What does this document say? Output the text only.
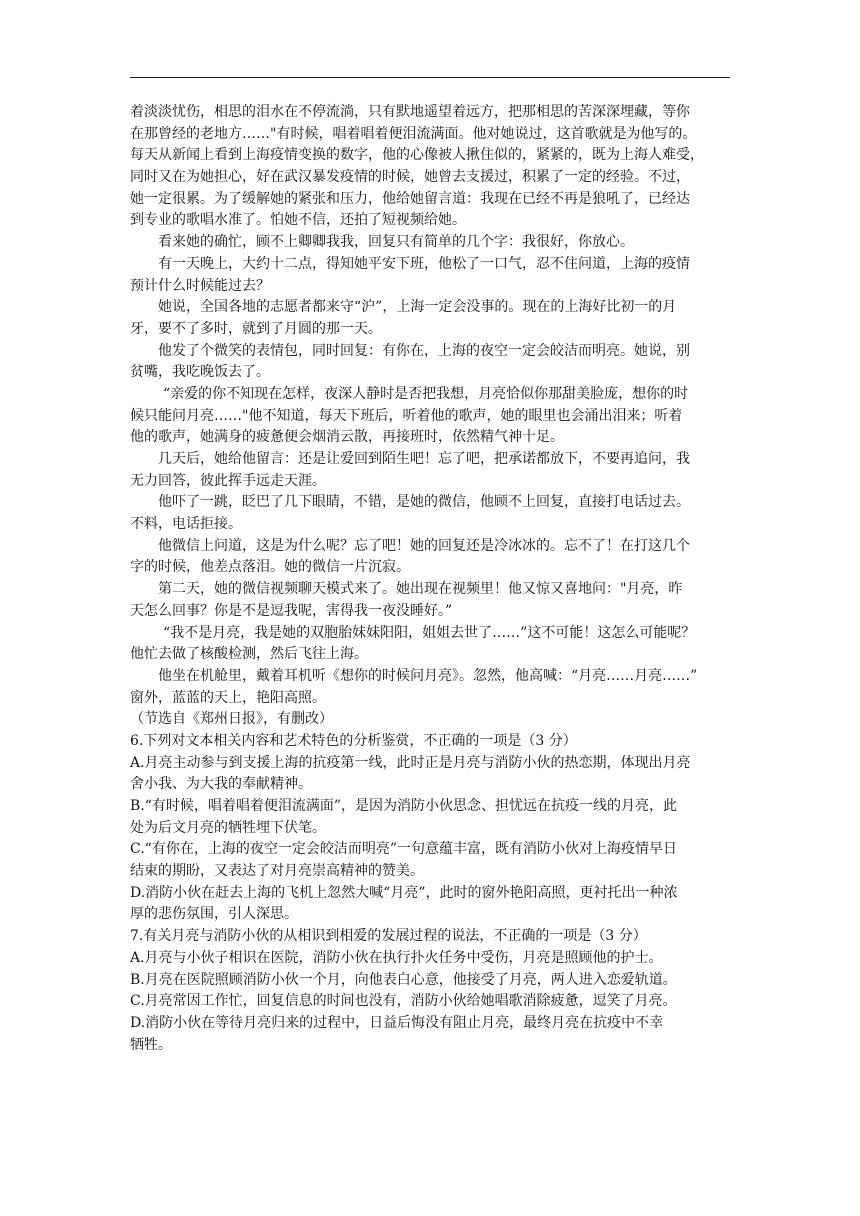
着淡淡忧伤，相思的泪水在不停流淌，只有默地遥望着远方，把那相思的苦深深埋藏，等你
在那曾经的老地方……"有时候，唱着唱着便泪流满面。他对她说过，这首歌就是为他写的。
每天从新闻上看到上海疫情变换的数字，他的心像被人揪住似的，紧紧的，既为上海人难受，
同时又在为她担心，好在武汉暴发疫情的时候，她曾去支援过，积累了一定的经验。不过，
她一定很累。为了缓解她的紧张和压力，他给她留言道：我现在已经不再是狼吼了，已经达
到专业的歌唱水准了。怕她不信，还拍了短视频给她。
看来她的确忙，顾不上卿卿我我，回复只有简单的几个字：我很好，你放心。
有一天晚上，大约十二点，得知她平安下班，他松了一口气，忍不住问道，上海的疫情
预计什么时候能过去？
她说，全国各地的志愿者都来守“沪”，上海一定会没事的。现在的上海好比初一的月
牙，要不了多时，就到了月圆的那一天。
他发了个微笑的表情包，同时回复：有你在，上海的夜空一定会皎洁而明亮。她说，别
贫嘴，我吃晚饭去了。
“亲爱的你不知现在怎样，夜深人静时是否把我想，月亮恰似你那甜美脸庞，想你的时
候只能问月亮……"他不知道，每天下班后，听着他的歌声，她的眼里也会涌出泪来；听着
他的歌声，她满身的疲惫便会烟消云散，再接班时，依然精气神十足。
几天后，她给他留言：还是让爱回到陌生吧！忘了吧，把承诺都放下，不要再追问，我
无力回答，彼此挥手远走天涯。
他吓了一跳，眨巴了几下眼睛，不错，是她的微信，他顾不上回复，直接打电话过去。
不料，电话拒接。
他微信上问道，这是为什么呢？忘了吧！她的回复还是冷冰冰的。忘不了！在打这几个
字的时候，他差点落泪。她的微信一片沉寂。
第二天，她的微信视频聊天模式来了。她出现在视频里！他又惊又喜地问："月亮，昨
天怎么回事？你是不是逗我呢，害得我一夜没睡好。”
“我不是月亮，我是她的双胞胎妹妹阳阳，姐姐去世了……”这不可能！这怎么可能呢？
他忙去做了核酸检测，然后飞往上海。
他坐在机舱里，戴着耳机听《想你的时候问月亮》。忽然，他高喊：“月亮……月亮……”
窗外，蓝蓝的天上，艳阳高照。
（节选自《郑州日报》，有删改）
6.下列对文本相关内容和艺术特色的分析鉴赏，不正确的一项是（3 分）
A.月亮主动参与到支援上海的抗疫第一线，此时正是月亮与消防小伙的热恋期，体现出月亮
舍小我、为大我的奉献精神。
B.“有时候，唱着唱着便泪流满面”，是因为消防小伙思念、担忧远在抗疫一线的月亮，此
处为后文月亮的牺牲埋下伏笔。
C.“有你在，上海的夜空一定会皎洁而明亮”一句意蕴丰富，既有消防小伙对上海疫情早日
结束的期盼，又表达了对月亮崇高精神的赞美。
D.消防小伙在赶去上海的飞机上忽然大喊“月亮”，此时的窗外艳阳高照，更衬托出一种浓
厚的悲伤氛围，引人深思。
7.有关月亮与消防小伙的从相识到相爱的发展过程的说法，不正确的一项是（3 分）
A.月亮与小伙子相识在医院，消防小伙在执行扑火任务中受伤，月亮是照顾他的护士。
B.月亮在医院照顾消防小伙一个月，向他表白心意，他接受了月亮，两人进入恋爱轨道。
C.月亮常因工作忙，回复信息的时间也没有，消防小伙给她唱歌消除疲惫，逗笑了月亮。
D.消防小伙在等待月亮归来的过程中，日益后悔没有阻止月亮，最终月亮在抗疫中不幸
牺牲。
